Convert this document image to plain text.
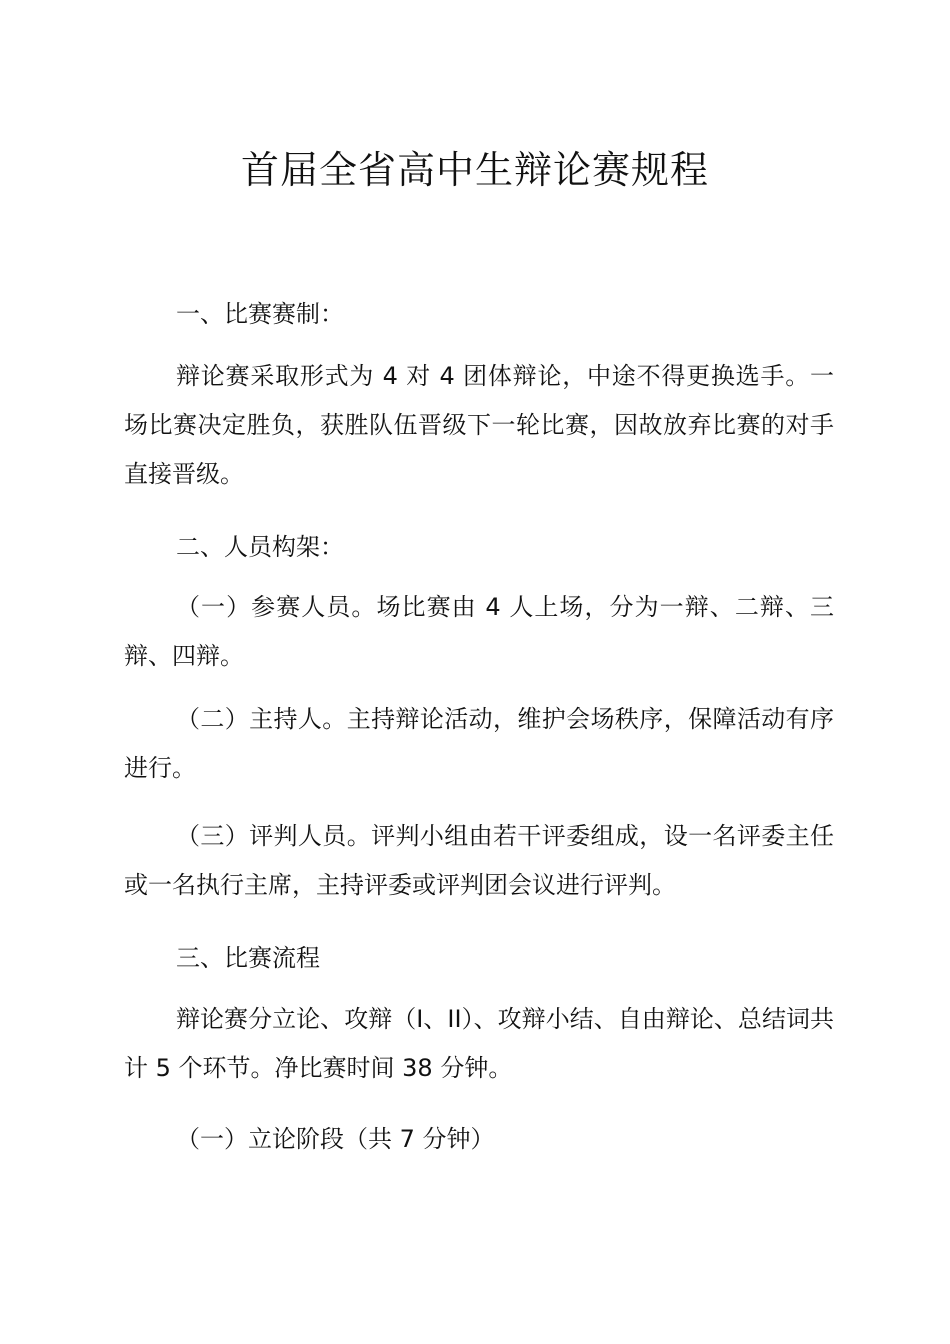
首届全省高中生辩论赛规程

一、比赛赛制：

辩论赛采取形式为 4 对 4 团体辩论，中途不得更换选手。一场比赛决定胜负，获胜队伍晋级下一轮比赛，因故放弃比赛的对手直接晋级。

二、人员构架：

（一）参赛人员。场比赛由 4 人上场，分为一辩、二辩、三辩、四辩。

（二）主持人。主持辩论活动，维护会场秩序，保障活动有序进行。

（三）评判人员。评判小组由若干评委组成，设一名评委主任或一名执行主席，主持评委或评判团会议进行评判。

三、比赛流程

辩论赛分立论、攻辩（I、II）、攻辩小结、自由辩论、总结词共计 5 个环节。净比赛时间 38 分钟。

（一）立论阶段（共 7 分钟）
